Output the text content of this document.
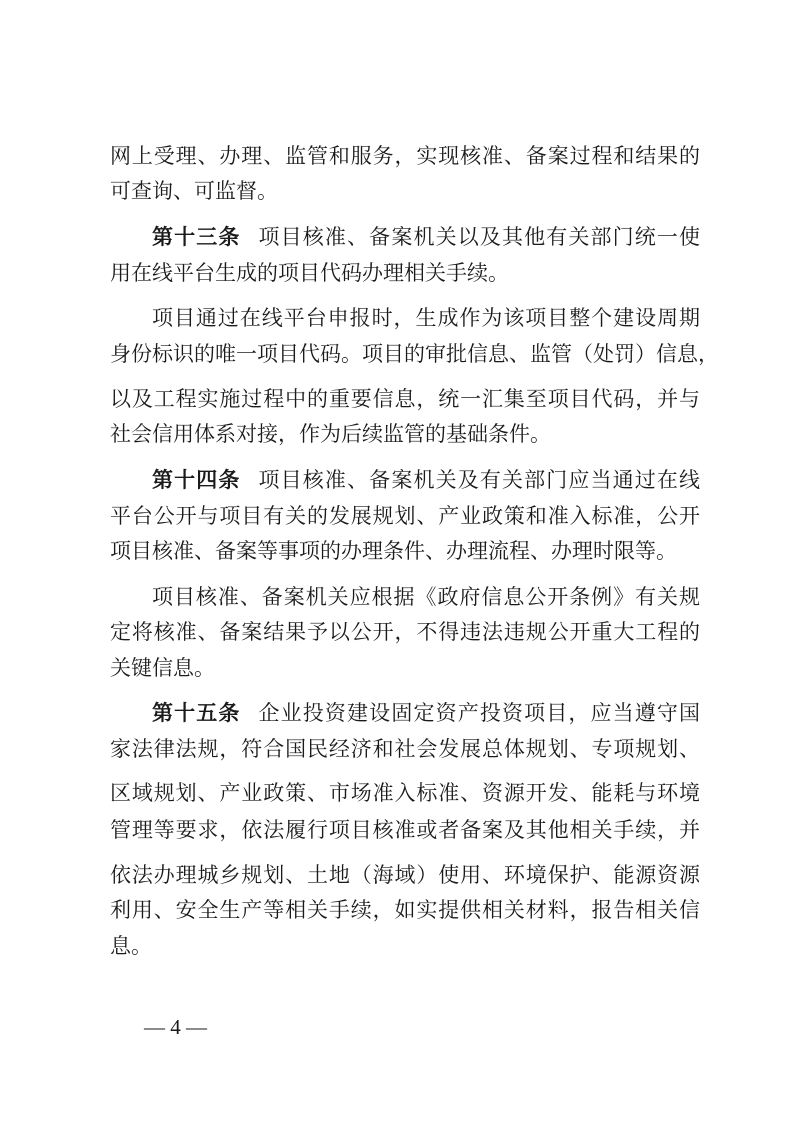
网上受理、办理、监管和服务，实现核准、备案过程和结果的
可查询、可监督。
第十三条 项目核准、备案机关以及其他有关部门统一使
用在线平台生成的项目代码办理相关手续。
项目通过在线平台申报时，生成作为该项目整个建设周期
身份标识的唯一项目代码。项目的审批信息、监管（处罚）信息，
以及工程实施过程中的重要信息，统一汇集至项目代码，并与
社会信用体系对接，作为后续监管的基础条件。
第十四条 项目核准、备案机关及有关部门应当通过在线
平台公开与项目有关的发展规划、产业政策和准入标准，公开
项目核准、备案等事项的办理条件、办理流程、办理时限等。
项目核准、备案机关应根据《政府信息公开条例》有关规
定将核准、备案结果予以公开，不得违法违规公开重大工程的
关键信息。
第十五条 企业投资建设固定资产投资项目，应当遵守国
家法律法规，符合国民经济和社会发展总体规划、专项规划、
区域规划、产业政策、市场准入标准、资源开发、能耗与环境
管理等要求，依法履行项目核准或者备案及其他相关手续，并
依法办理城乡规划、土地（海域）使用、环境保护、能源资源
利用、安全生产等相关手续，如实提供相关材料，报告相关信
息。
— 4 —
